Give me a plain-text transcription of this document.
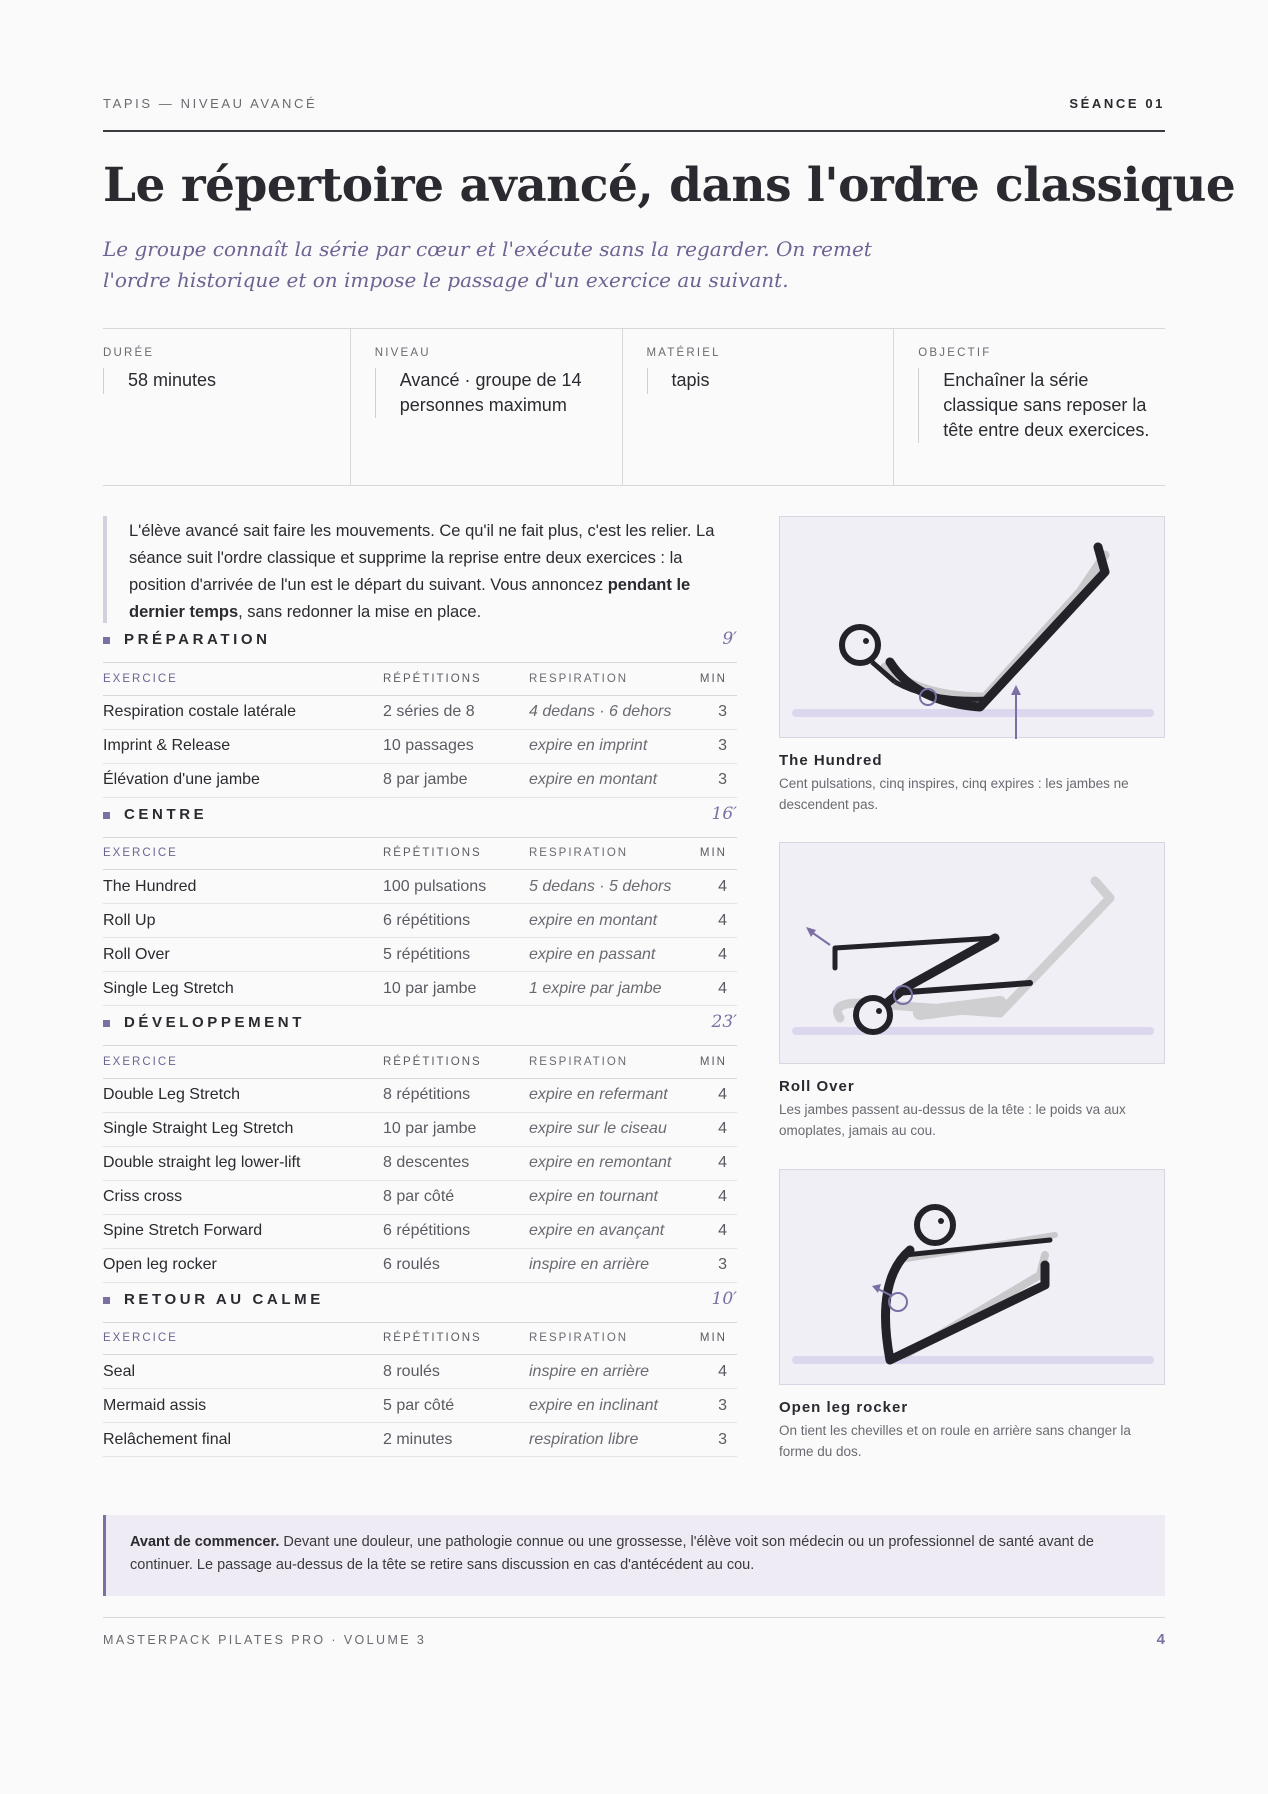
TAPIS — NIVEAU AVANCÉ	SÉANCE 01
Le répertoire avancé, dans l'ordre classique

Le groupe connaît la série par cœur et l'exécute sans la regarder. On remet l'ordre historique et on impose le passage d'un exercice au suivant.

DURÉE
58 minutes
NIVEAU
Avancé · groupe de 14 personnes maximum
MATÉRIEL
tapis
OBJECTIF
Enchaîner la série classique sans reposer la tête entre deux exercices.
L'élève avancé sait faire les mouvements. Ce qu'il ne fait plus, c'est les relier. La séance suit l'ordre classique et supprime la reprise entre deux exercices : la position d'arrivée de l'un est le départ du suivant. Vous annoncez pendant le dernier temps, sans redonner la mise en place.
PRÉPARATION	9′
EXERCICE	RÉPÉTITIONS	RESPIRATION	MIN
Respiration costale latérale	2 séries de 8	4 dedans · 6 dehors	3
Imprint & Release	10 passages	expire en imprint	3
Élévation d'une jambe	8 par jambe	expire en montant	3
CENTRE	16′
EXERCICE	RÉPÉTITIONS	RESPIRATION	MIN
The Hundred	100 pulsations	5 dedans · 5 dehors	4
Roll Up	6 répétitions	expire en montant	4
Roll Over	5 répétitions	expire en passant	4
Single Leg Stretch	10 par jambe	1 expire par jambe	4
DÉVELOPPEMENT	23′
EXERCICE	RÉPÉTITIONS	RESPIRATION	MIN
Double Leg Stretch	8 répétitions	expire en refermant	4
Single Straight Leg Stretch	10 par jambe	expire sur le ciseau	4
Double straight leg lower-lift	8 descentes	expire en remontant	4
Criss cross	8 par côté	expire en tournant	4
Spine Stretch Forward	6 répétitions	expire en avançant	4
Open leg rocker	6 roulés	inspire en arrière	3
RETOUR AU CALME	10′
EXERCICE	RÉPÉTITIONS	RESPIRATION	MIN
Seal	8 roulés	inspire en arrière	4
Mermaid assis	5 par côté	expire en inclinant	3
Relâchement final	2 minutes	respiration libre	3
The Hundred
Cent pulsations, cinq inspires, cinq expires : les jambes ne descendent pas.
Roll Over
Les jambes passent au-dessus de la tête : le poids va aux omoplates, jamais au cou.
Open leg rocker
On tient les chevilles et on roule en arrière sans changer la forme du dos.
Avant de commencer. Devant une douleur, une pathologie connue ou une grossesse, l'élève voit son médecin ou un professionnel de santé avant de continuer. Le passage au-dessus de la tête se retire sans discussion en cas d'antécédent au cou.
MASTERPACK PILATES PRO · VOLUME 3	4
